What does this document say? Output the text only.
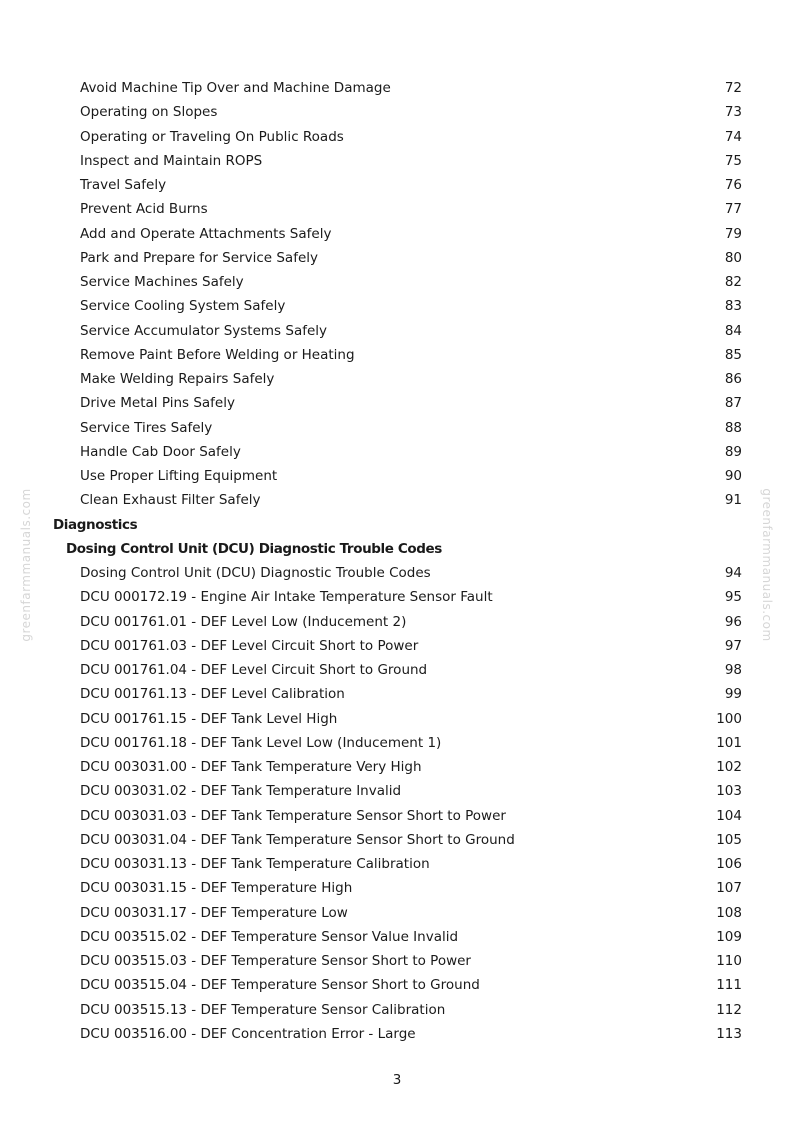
greenfarmmanuals.com	greenfarmmanuals.com
Avoid Machine Tip Over and Machine Damage	72
Operating on Slopes	73
Operating or Traveling On Public Roads	74
Inspect and Maintain ROPS	75
Travel Safely	76
Prevent Acid Burns	77
Add and Operate Attachments Safely	79
Park and Prepare for Service Safely	80
Service Machines Safely	82
Service Cooling System Safely	83
Service Accumulator Systems Safely	84
Remove Paint Before Welding or Heating	85
Make Welding Repairs Safely	86
Drive Metal Pins Safely	87
Service Tires Safely	88
Handle Cab Door Safely	89
Use Proper Lifting Equipment	90
Clean Exhaust Filter Safely	91
Diagnostics
Dosing Control Unit (DCU) Diagnostic Trouble Codes
Dosing Control Unit (DCU) Diagnostic Trouble Codes	94
DCU 000172.19 - Engine Air Intake Temperature Sensor Fault	95
DCU 001761.01 - DEF Level Low (Inducement 2)	96
DCU 001761.03 - DEF Level Circuit Short to Power	97
DCU 001761.04 - DEF Level Circuit Short to Ground	98
DCU 001761.13 - DEF Level Calibration	99
DCU 001761.15 - DEF Tank Level High	100
DCU 001761.18 - DEF Tank Level Low (Inducement 1)	101
DCU 003031.00 - DEF Tank Temperature Very High	102
DCU 003031.02 - DEF Tank Temperature Invalid	103
DCU 003031.03 - DEF Tank Temperature Sensor Short to Power	104
DCU 003031.04 - DEF Tank Temperature Sensor Short to Ground	105
DCU 003031.13 - DEF Tank Temperature Calibration	106
DCU 003031.15 - DEF Temperature High	107
DCU 003031.17 - DEF Temperature Low	108
DCU 003515.02 - DEF Temperature Sensor Value Invalid	109
DCU 003515.03 - DEF Temperature Sensor Short to Power	110
DCU 003515.04 - DEF Temperature Sensor Short to Ground	111
DCU 003515.13 - DEF Temperature Sensor Calibration	112
DCU 003516.00 - DEF Concentration Error - Large	113
3
